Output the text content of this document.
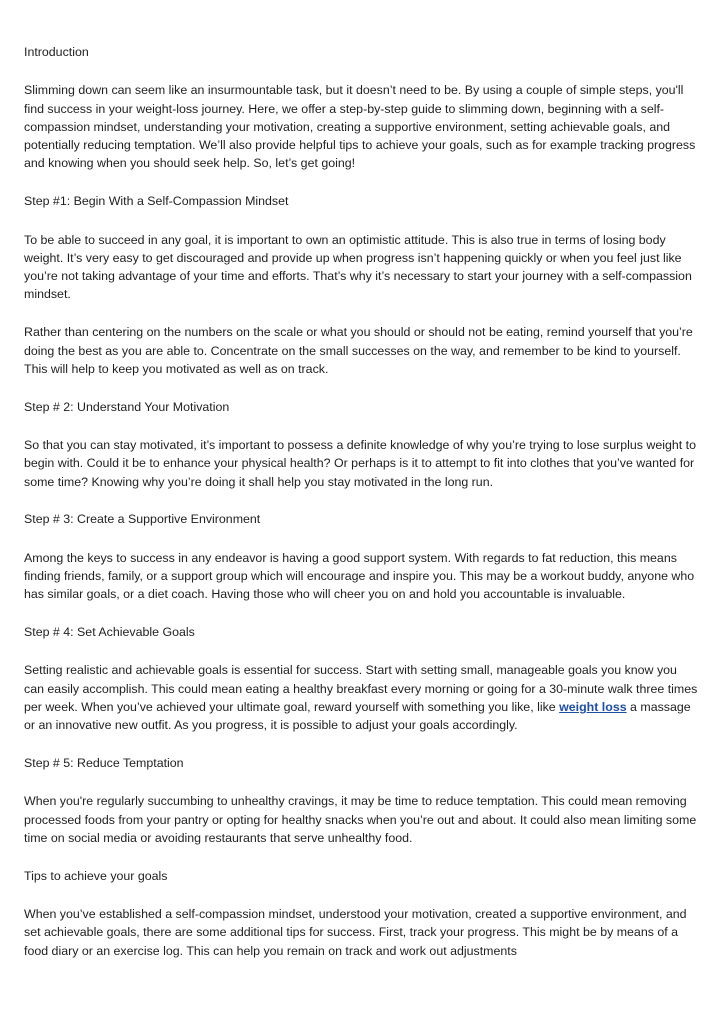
Introduction

Slimming down can seem like an insurmountable task, but it doesn’t need to be. By using a couple of simple steps, you'll find success in your weight-loss journey. Here, we offer a step-by-step guide to slimming down, beginning with a self-compassion mindset, understanding your motivation, creating a supportive environment, setting achievable goals, and potentially reducing temptation. We’ll also provide helpful tips to achieve your goals, such as for example tracking progress and knowing when you should seek help. So, let’s get going!

Step #1: Begin With a Self-Compassion Mindset

To be able to succeed in any goal, it is important to own an optimistic attitude. This is also true in terms of losing body weight. It’s very easy to get discouraged and provide up when progress isn’t happening quickly or when you feel just like you’re not taking advantage of your time and efforts. That’s why it’s necessary to start your journey with a self-compassion mindset.

Rather than centering on the numbers on the scale or what you should or should not be eating, remind yourself that you’re doing the best as you are able to. Concentrate on the small successes on the way, and remember to be kind to yourself. This will help to keep you motivated as well as on track.

Step # 2: Understand Your Motivation

So that you can stay motivated, it’s important to possess a definite knowledge of why you’re trying to lose surplus weight to begin with. Could it be to enhance your physical health? Or perhaps is it to attempt to fit into clothes that you’ve wanted for some time? Knowing why you’re doing it shall help you stay motivated in the long run.

Step # 3: Create a Supportive Environment

Among the keys to success in any endeavor is having a good support system. With regards to fat reduction, this means finding friends, family, or a support group which will encourage and inspire you. This may be a workout buddy, anyone who has similar goals, or a diet coach. Having those who will cheer you on and hold you accountable is invaluable.

Step # 4: Set Achievable Goals

Setting realistic and achievable goals is essential for success. Start with setting small, manageable goals you know you can easily accomplish. This could mean eating a healthy breakfast every morning or going for a 30-minute walk three times per week. When you’ve achieved your ultimate goal, reward yourself with something you like, like weight loss a massage or an innovative new outfit. As you progress, it is possible to adjust your goals accordingly.

Step # 5: Reduce Temptation

When you're regularly succumbing to unhealthy cravings, it may be time to reduce temptation. This could mean removing processed foods from your pantry or opting for healthy snacks when you’re out and about. It could also mean limiting some time on social media or avoiding restaurants that serve unhealthy food.

Tips to achieve your goals

When you’ve established a self-compassion mindset, understood your motivation, created a supportive environment, and set achievable goals, there are some additional tips for success. First, track your progress. This might be by means of a food diary or an exercise log. This can help you remain on track and work out adjustments
